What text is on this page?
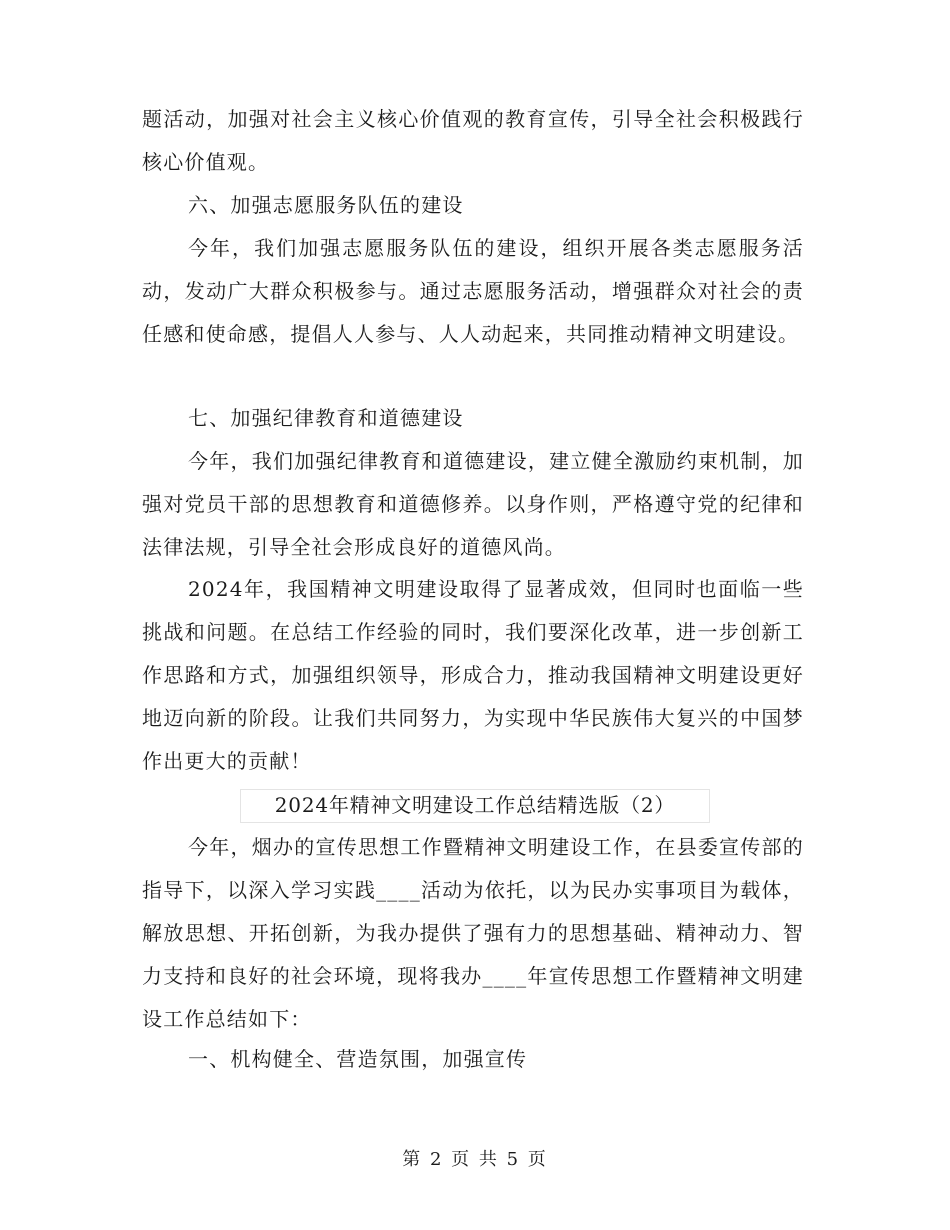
题活动，加强对社会主义核心价值观的教育宣传，引导全社会积极践行核心价值观。

六、加强志愿服务队伍的建设

今年，我们加强志愿服务队伍的建设，组织开展各类志愿服务活动，发动广大群众积极参与。通过志愿服务活动，增强群众对社会的责任感和使命感，提倡人人参与、人人动起来，共同推动精神文明建设。

七、加强纪律教育和道德建设

今年，我们加强纪律教育和道德建设，建立健全激励约束机制，加强对党员干部的思想教育和道德修养。以身作则，严格遵守党的纪律和法律法规，引导全社会形成良好的道德风尚。

2024年，我国精神文明建设取得了显著成效，但同时也面临一些挑战和问题。在总结工作经验的同时，我们要深化改革，进一步创新工作思路和方式，加强组织领导，形成合力，推动我国精神文明建设更好地迈向新的阶段。让我们共同努力，为实现中华民族伟大复兴的中国梦作出更大的贡献！

2024年精神文明建设工作总结精选版（2）

今年，烟办的宣传思想工作暨精神文明建设工作，在县委宣传部的指导下，以深入学习实践____活动为依托，以为民办实事项目为载体，解放思想、开拓创新，为我办提供了强有力的思想基础、精神动力、智力支持和良好的社会环境，现将我办____年宣传思想工作暨精神文明建设工作总结如下：

一、机构健全、营造氛围，加强宣传

第 2 页 共 5 页
